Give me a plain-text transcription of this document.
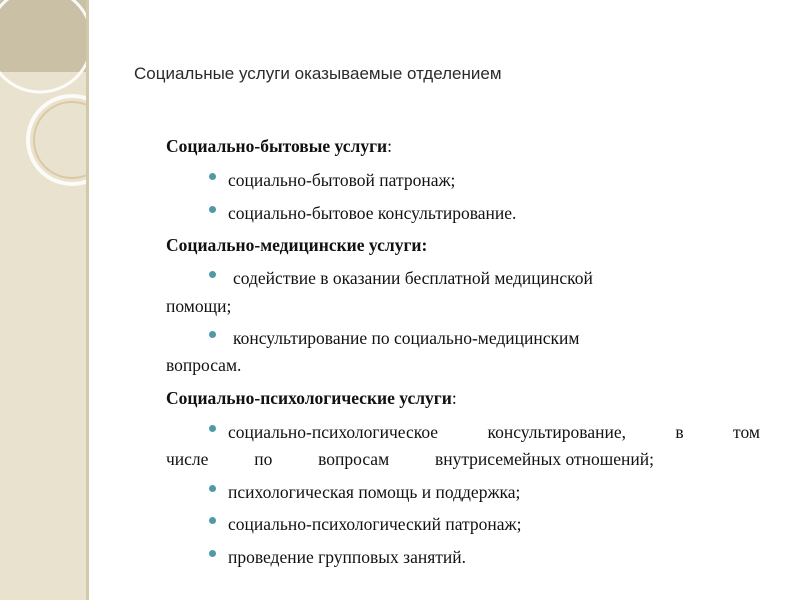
Социальные услуги оказываемые отделением
Социально-бытовые услуги:
социально-бытовой патронаж;
социально-бытовое консультирование.
Социально-медицинские услуги:
содействие в оказании бесплатной медицинской
помощи;
консультирование по социально-медицинским
вопросам.
Социально-психологические услуги:
социально-психологическое	консультирование,	в	том
числе	по	вопросам	внутрисемейных отношений;
психологическая помощь и поддержка;
социально-психологический патронаж;
проведение групповых занятий.
